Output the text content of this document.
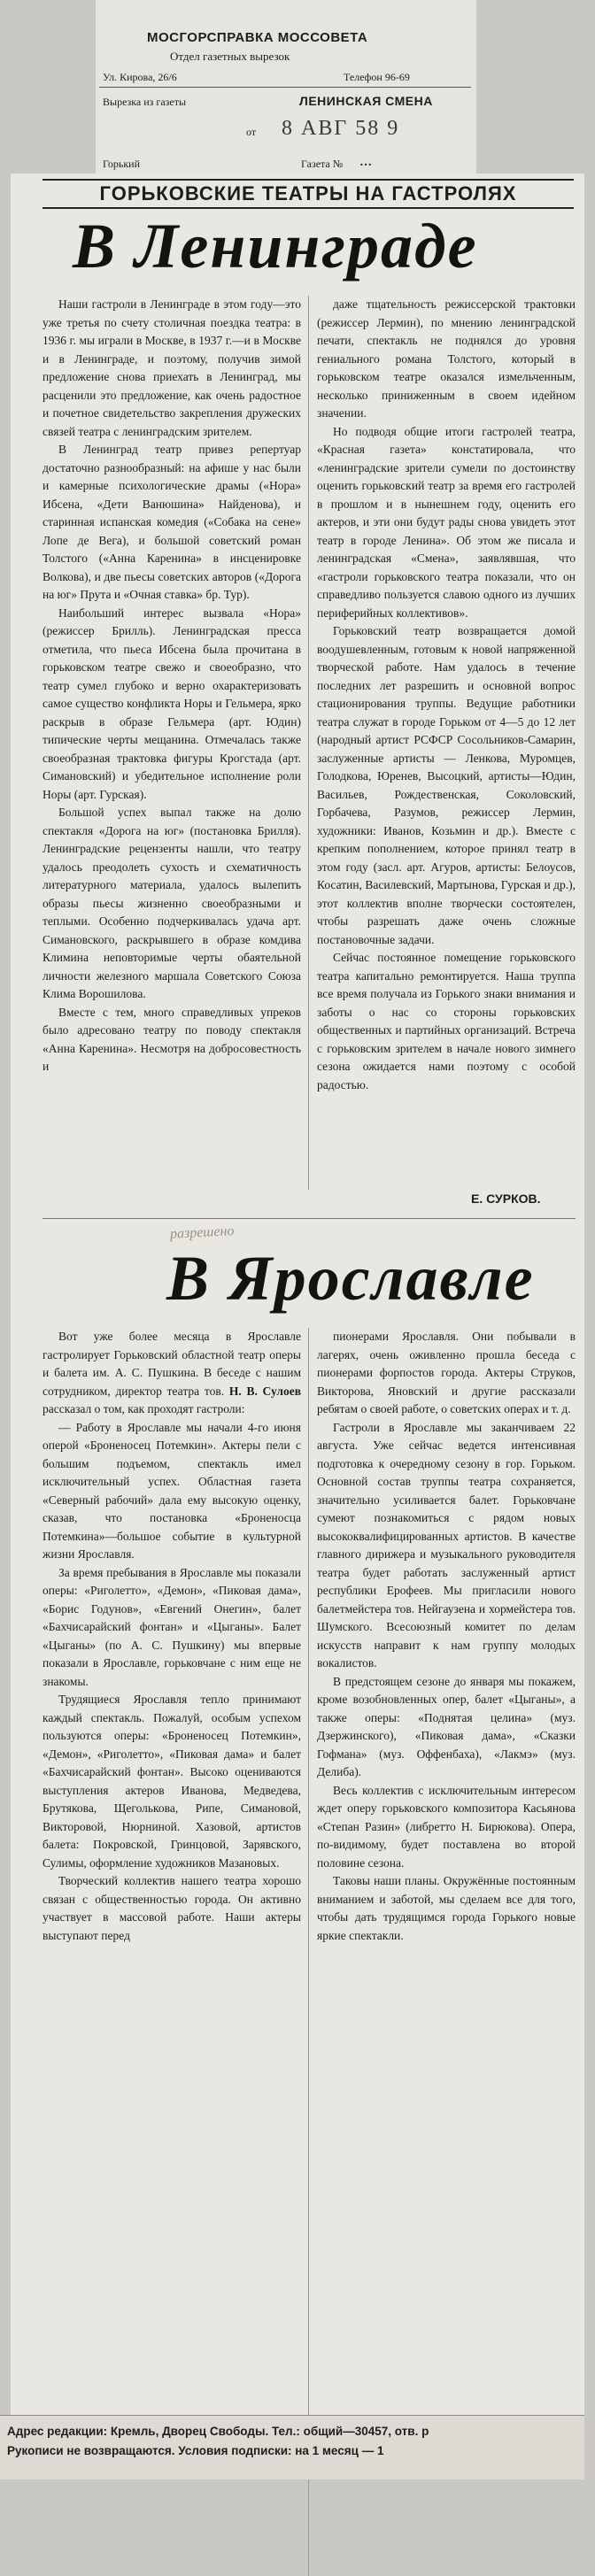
МОСГОРСПРАВКА МОССОВЕТА
Отдел газетных вырезок
Ул. Кирова, 26/6	Телефон 96-69
Вырезка из газеты	ЛЕНИНСКАЯ СМЕНА
от 8 АВГ 58 9
Горький	Газета № …
ГОРЬКОВСКИЕ ТЕАТРЫ НА ГАСТРОЛЯХ
В Ленинграде

Наши гастроли в Ленинграде в этом году—это уже третья по счету столичная поездка театра: в 1936 г. мы играли в Москве, в 1937 г.—и в Москве и в Ленинграде, и поэтому, получив зимой предложение снова приехать в Ленинград, мы расценили это предложение, как очень радостное и почетное свидетельство закрепления дружеских связей театра с ленинградским зрителем.

В Ленинград театр привез репертуар достаточно разнообразный: на афише у нас были и камерные психологические драмы («Нора» Ибсена, «Дети Ванюшина» Найденова), и старинная испанская комедия («Собака на сене» Лопе де Вега), и большой советский роман Толстого («Анна Каренина» в инсценировке Волкова), и две пьесы советских авторов («Дорога на юг» Прута и «Очная ставка» бр. Тур).

Наибольший интерес вызвала «Нора» (режиссер Брилль). Ленинградская пресса отметила, что пьеса Ибсена была прочитана в горьковском театре свежо и своеобразно, что театр сумел глубоко и верно охарактеризовать самое существо конфликта Норы и Гельмера, ярко раскрыв в образе Гельмера (арт. Юдин) типические черты мещанина. Отмечалась также своеобразная трактовка фигуры Крогстада (арт. Симановский) и убедительное исполнение роли Норы (арт. Гурская).

Большой успех выпал также на долю спектакля «Дорога на юг» (постановка Брилля). Ленинградские рецензенты нашли, что театру удалось преодолеть сухость и схематичность литературного материала, удалось вылепить образы пьесы жизненно своеобразными и теплыми. Особенно подчеркивалась удача арт. Симановского, раскрывшего в образе комдива Климина неповторимые черты обаятельной личности железного маршала Советского Союза Клима Ворошилова.

Вместе с тем, много справедливых упреков было адресовано театру по поводу спектакля «Анна Каренина». Несмотря на добросовестность и

даже тщательность режиссерской трактовки (режиссер Лермин), по мнению ленинградской печати, спектакль не поднялся до уровня гениального романа Толстого, который в горьковском театре оказался измельченным, несколько приниженным в своем идейном значении.

Но подводя общие итоги гастролей театра, «Красная газета» констатировала, что «ленинградские зрители сумели по достоинству оценить горьковский театр за время его гастролей в прошлом и в нынешнем году, оценить его актеров, и эти они будут рады снова увидеть этот театр в городе Ленина». Об этом же писала и ленинградская «Смена», заявлявшая, что «гастроли горьковского театра показали, что он справедливо пользуется славою одного из лучших периферийных коллективов».

Горьковский театр возвращается домой воодушевленным, готовым к новой напряженной творческой работе. Нам удалось в течение последних лет разрешить и основной вопрос стационирования труппы. Ведущие работники театра служат в городе Горьком от 4—5 до 12 лет (народный артист РСФСР Сосольников-Самарин, заслуженные артисты — Ленкова, Муромцев, Голодкова, Юренев, Высоцкий, артисты—Юдин, Васильев, Рождественская, Соколовский, Горбачева, Разумов, режиссер Лермин, художники: Иванов, Козьмин и др.). Вместе с крепким пополнением, которое принял театр в этом году (засл. арт. Агуров, артисты: Белоусов, Косатин, Василевский, Мартынова, Гурская и др.), этот коллектив вполне творчески состоятелен, чтобы разрешать даже очень сложные постановочные задачи.

Сейчас постоянное помещение горьковского театра капитально ремонтируется. Наша труппа все время получала из Горького знаки внимания и заботы о нас со стороны горьковских общественных и партийных организаций. Встреча с горьковским зрителем в начале нового зимнего сезона ожидается нами поэтому с особой радостью.

Е. СУРКОВ.
разрешено
В Ярославле

Вот уже более месяца в Ярославле гастролирует Горьковский областной театр оперы и балета им. А. С. Пушкина. В беседе с нашим сотрудником, директор театра тов. Н. В. Сулоев рассказал о том, как проходят гастроли:

— Работу в Ярославле мы начали 4-го июня оперой «Броненосец Потемкин». Актеры пели с большим подъемом, спектакль имел исключительный успех. Областная газета «Северный рабочий» дала ему высокую оценку, сказав, что постановка «Броненосца Потемкина»—большое событие в культурной жизни Ярославля.

За время пребывания в Ярославле мы показали оперы: «Риголетто», «Демон», «Пиковая дама», «Борис Годунов», «Евгений Онегин», балет «Бахчисарайский фонтан» и «Цыганы». Балет «Цыганы» (по А. С. Пушкину) мы впервые показали в Ярославле, горьковчане с ним еще не знакомы.

Трудящиеся Ярославля тепло принимают каждый спектакль. Пожалуй, особым успехом пользуются оперы: «Броненосец Потемкин», «Демон», «Риголетто», «Пиковая дама» и балет «Бахчисарайский фонтан». Высоко оцениваются выступления актеров Иванова, Медведева, Брутякова, Щеголькова, Рипе, Симановой, Викторовой, Нюрниной. Хазовой, артистов балета: Покровской, Гринцовой, Зарявского, Сулимы, оформление художников Мазановых.

Творческий коллектив нашего театра хорошо связан с общественностью города. Он активно участвует в массовой работе. Наши актеры выступают перед

пионерами Ярославля. Они побывали в лагерях, очень оживленно прошла беседа с пионерами форпостов города. Актеры Струков, Викторова, Яновский и другие рассказали ребятам о своей работе, о советских операх и т. д.

Гастроли в Ярославле мы заканчиваем 22 августа. Уже сейчас ведется интенсивная подготовка к очередному сезону в гор. Горьком. Основной состав труппы театра сохраняется, значительно усиливается балет. Горьковчане сумеют познакомиться с рядом новых высококвалифицированных артистов. В качестве главного дирижера и музыкального руководителя театра будет работать заслуженный артист республики Ерофеев. Мы пригласили нового балетмейстера тов. Нейгаузена и хормейстера тов. Шумского. Всесоюзный комитет по делам искусств направит к нам группу молодых вокалистов.

В предстоящем сезоне до января мы покажем, кроме возобновленных опер, балет «Цыганы», а также оперы: «Поднятая целина» (муз. Дзержинского), «Пиковая дама», «Сказки Гофмана» (муз. Оффенбаха), «Лакмэ» (муз. Делиба).

Весь коллектив с исключительным интересом ждет оперу горьковского композитора Касьянова «Степан Разин» (либретто Н. Бирюкова). Опера, по-видимому, будет поставлена во второй половине сезона.

Таковы наши планы. Окружённые постоянным вниманием и заботой, мы сделаем все для того, чтобы дать трудящимся города Горького новые яркие спектакли.

Адрес редакции: Кремль, Дворец Свободы. Тел.: общий—30457, отв. р
Рукописи не возвращаются. Условия подписки: на 1 месяц — 1
